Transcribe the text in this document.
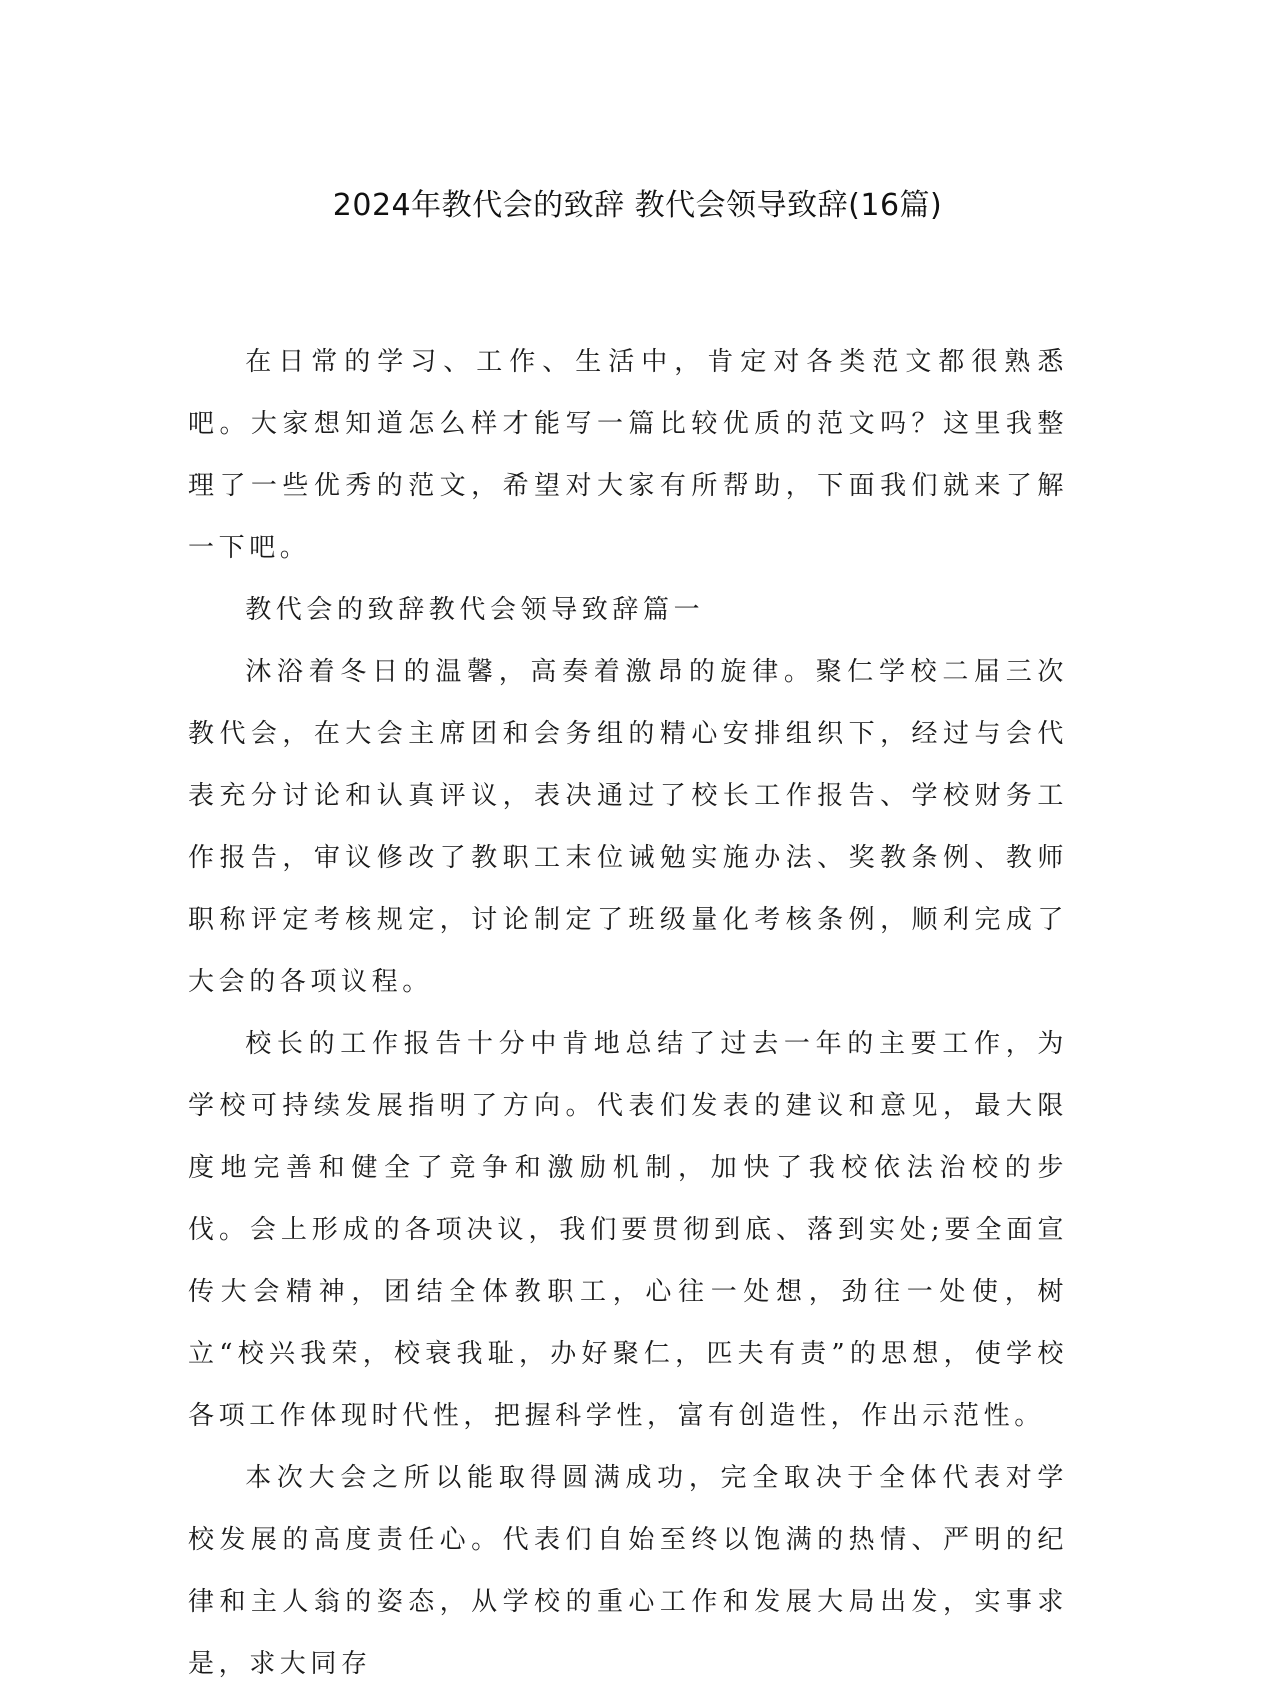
2024年教代会的致辞 教代会领导致辞(16篇)

在日常的学习、工作、生活中，肯定对各类范文都很熟悉吧。大家想知道怎么样才能写一篇比较优质的范文吗？这里我整理了一些优秀的范文，希望对大家有所帮助，下面我们就来了解一下吧。

教代会的致辞教代会领导致辞篇一

沐浴着冬日的温馨，高奏着激昂的旋律。聚仁学校二届三次教代会，在大会主席团和会务组的精心安排组织下，经过与会代表充分讨论和认真评议，表决通过了校长工作报告、学校财务工作报告，审议修改了教职工末位诫勉实施办法、奖教条例、教师职称评定考核规定，讨论制定了班级量化考核条例，顺利完成了大会的各项议程。

校长的工作报告十分中肯地总结了过去一年的主要工作，为学校可持续发展指明了方向。代表们发表的建议和意见，最大限度地完善和健全了竞争和激励机制，加快了我校依法治校的步伐。会上形成的各项决议，我们要贯彻到底、落到实处;要全面宣传大会精神，团结全体教职工，心往一处想，劲往一处使，树立“校兴我荣，校衰我耻，办好聚仁，匹夫有责”的思想，使学校各项工作体现时代性，把握科学性，富有创造性，作出示范性。

本次大会之所以能取得圆满成功，完全取决于全体代表对学校发展的高度责任心。代表们自始至终以饱满的热情、严明的纪律和主人翁的姿态，从学校的重心工作和发展大局出发，实事求是，求大同存
